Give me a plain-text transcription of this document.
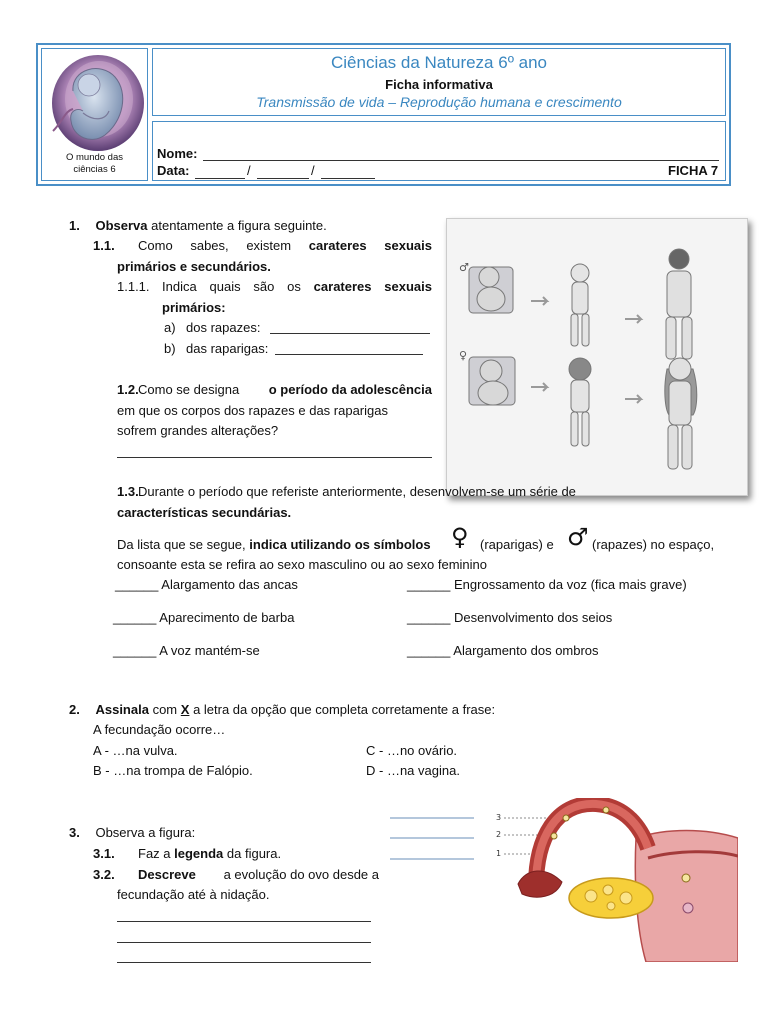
O mundo das
ciências 6
Ciências da Natureza 6º ano
Ficha informativa
Transmissão de vida – Reprodução humana e crescimento
Nome:
Data:	/	/	FICHA 7
1. Observa atentamente a figura seguinte.
1.1. Como sabes, existem carateres sexuais
primários e secundários.
1.1.1. Indica quais são os carateres sexuais
primários:
a) dos rapazes:
b) das raparigas:
1.2. Como se designa o período da adolescência
em que os corpos dos rapazes e das raparigas
sofrem grandes alterações?
♂
♀
1.3. Durante o período que referiste anteriormente, desenvolvem-se um série de
características secundárias.
Da lista que se segue, indica utilizando os símbolos ♀ (raparigas) e ♂ (rapazes) no espaço,
consoante esta se refira ao sexo masculino ou ao sexo feminino
______ Alargamento das ancas	______ Engrossamento da voz (fica mais grave)
______ Aparecimento de barba	______ Desenvolvimento dos seios
______ A voz mantém-se	______ Alargamento dos ombros
2. Assinala com X a letra da opção que completa corretamente a frase:
A fecundação ocorre…
A - …na vulva.	C - …no ovário.
B - …na trompa de Falópio.	D - …na vagina.
3. Observa a figura:
3.1. Faz a legenda da figura.
3.2. Descreve a evolução do ovo desde a
fecundação até à nidação.
3
2
1
